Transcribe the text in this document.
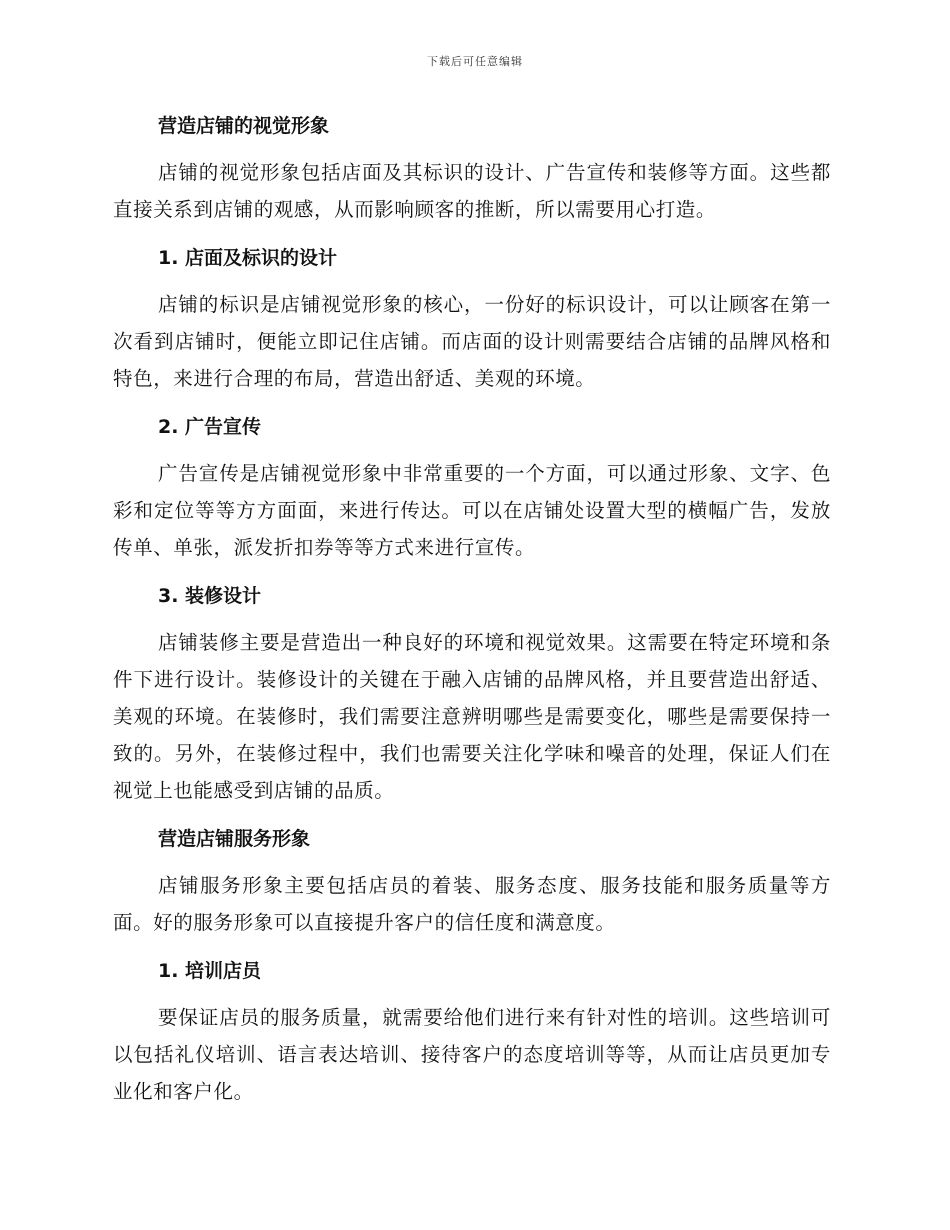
下载后可任意编辑
营造店铺的视觉形象

店铺的视觉形象包括店面及其标识的设计、广告宣传和装修等方面。这些都直接关系到店铺的观感，从而影响顾客的推断，所以需要用心打造。

1. 店面及标识的设计

店铺的标识是店铺视觉形象的核心，一份好的标识设计，可以让顾客在第一次看到店铺时，便能立即记住店铺。而店面的设计则需要结合店铺的品牌风格和特色，来进行合理的布局，营造出舒适、美观的环境。

2. 广告宣传

广告宣传是店铺视觉形象中非常重要的一个方面，可以通过形象、文字、色彩和定位等等方方面面，来进行传达。可以在店铺处设置大型的横幅广告，发放传单、单张，派发折扣券等等方式来进行宣传。

3. 装修设计

店铺装修主要是营造出一种良好的环境和视觉效果。这需要在特定环境和条件下进行设计。装修设计的关键在于融入店铺的品牌风格，并且要营造出舒适、美观的环境。在装修时，我们需要注意辨明哪些是需要变化，哪些是需要保持一致的。另外，在装修过程中，我们也需要关注化学味和噪音的处理，保证人们在视觉上也能感受到店铺的品质。

营造店铺服务形象

店铺服务形象主要包括店员的着装、服务态度、服务技能和服务质量等方面。好的服务形象可以直接提升客户的信任度和满意度。

1. 培训店员

要保证店员的服务质量，就需要给他们进行来有针对性的培训。这些培训可以包括礼仪培训、语言表达培训、接待客户的态度培训等等，从而让店员更加专业化和客户化。
